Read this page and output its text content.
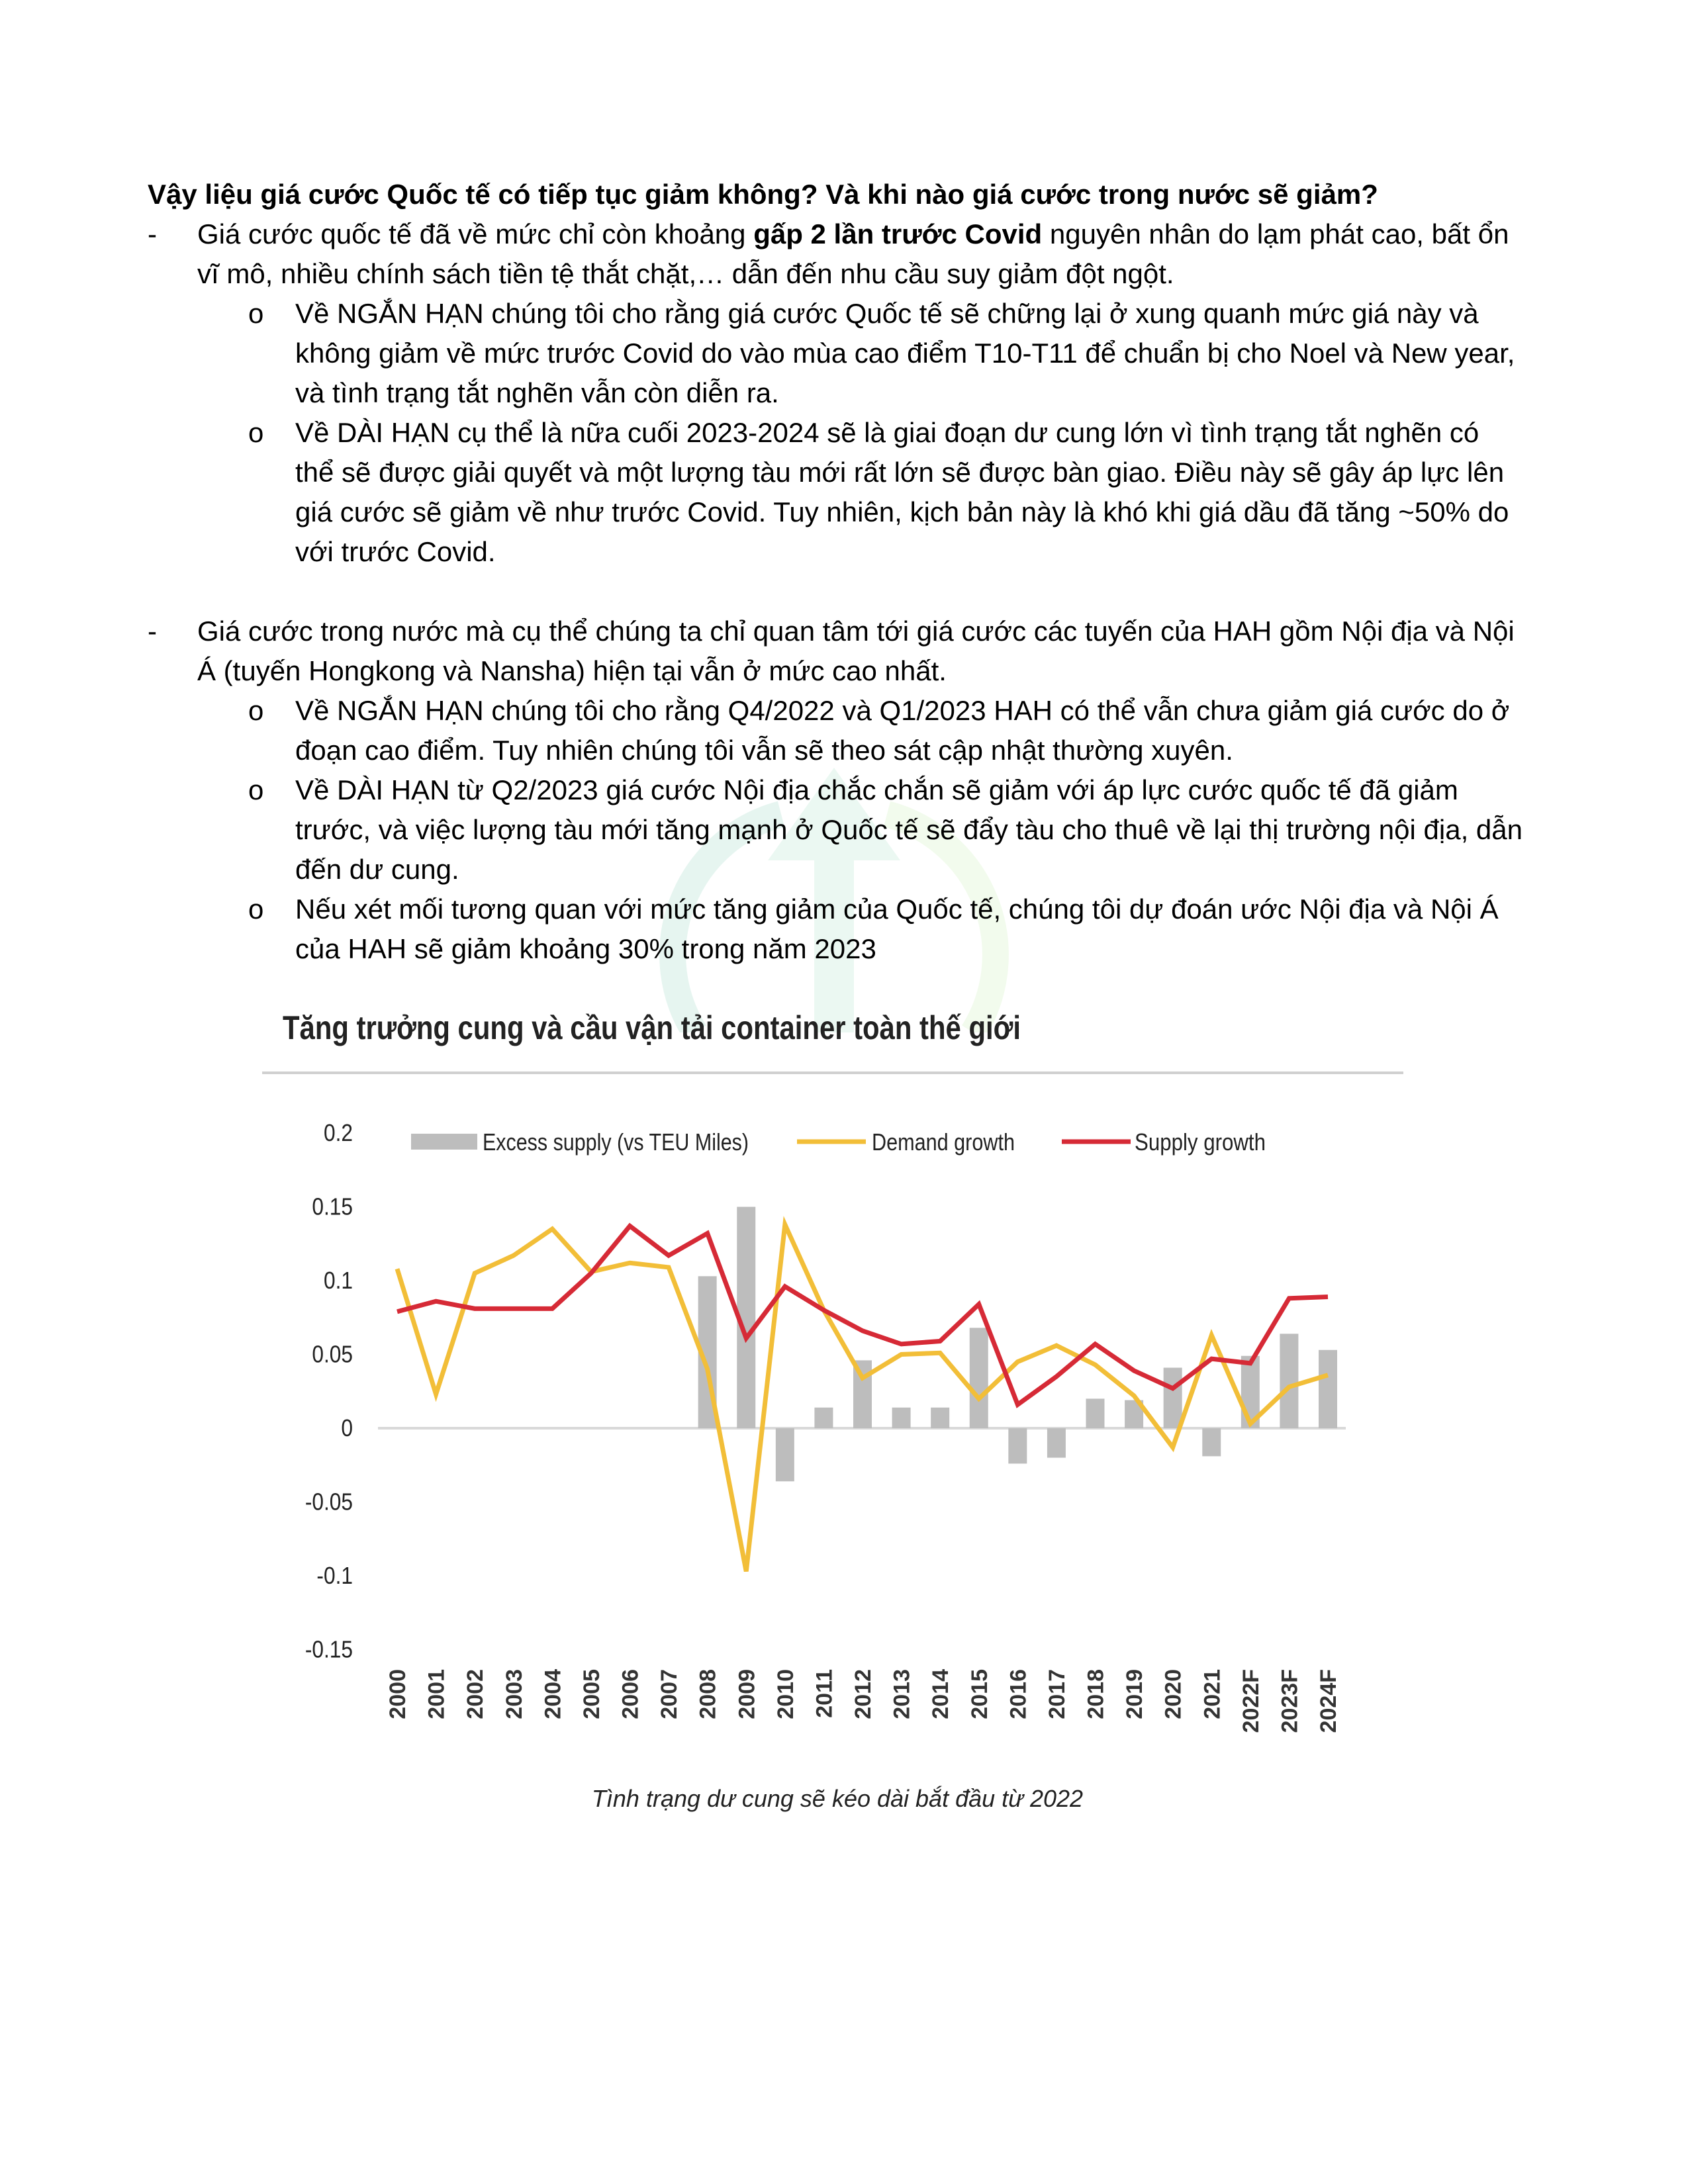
Vậy liệu giá cước Quốc tế có tiếp tục giảm không? Và khi nào giá cước trong nước sẽ giảm?
- Giá cước quốc tế đã về mức chỉ còn khoảng gấp 2 lần trước Covid nguyên nhân do lạm phát cao, bất ổn
vĩ mô, nhiều chính sách tiền tệ thắt chặt,… dẫn đến nhu cầu suy giảm đột ngột.
o Về NGẮN HẠN chúng tôi cho rằng giá cước Quốc tế sẽ chững lại ở xung quanh mức giá này và
không giảm về mức trước Covid do vào mùa cao điểm T10-T11 để chuẩn bị cho Noel và New year,
và tình trạng tắt nghẽn vẫn còn diễn ra.
o Về DÀI HẠN cụ thể là nữa cuối 2023-2024 sẽ là giai đoạn dư cung lớn vì tình trạng tắt nghẽn có
thể sẽ được giải quyết và một lượng tàu mới rất lớn sẽ được bàn giao. Điều này sẽ gây áp lực lên
giá cước sẽ giảm về như trước Covid. Tuy nhiên, kịch bản này là khó khi giá dầu đã tăng ~50% do
với trước Covid.
- Giá cước trong nước mà cụ thể chúng ta chỉ quan tâm tới giá cước các tuyến của HAH gồm Nội địa và Nội
Á (tuyến Hongkong và Nansha) hiện tại vẫn ở mức cao nhất.
o Về NGẮN HẠN chúng tôi cho rằng Q4/2022 và Q1/2023 HAH có thể vẫn chưa giảm giá cước do ở
đoạn cao điểm. Tuy nhiên chúng tôi vẫn sẽ theo sát cập nhật thường xuyên.
o Về DÀI HẠN từ Q2/2023 giá cước Nội địa chắc chắn sẽ giảm với áp lực cước quốc tế đã giảm
trước, và việc lượng tàu mới tăng mạnh ở Quốc tế sẽ đẩy tàu cho thuê về lại thị trường nội địa, dẫn
đến dư cung.
o Nếu xét mối tương quan với mức tăng giảm của Quốc tế, chúng tôi dự đoán ước Nội địa và Nội Á
của HAH sẽ giảm khoảng 30% trong năm 2023
Tăng trưởng cung và cầu vận tải container toàn thế giới
0.2
0.15
0.1
0.05
0
-0.05
-0.1
-0.15
2000 2001 2002 2003 2004 2005 2006 2007 2008 2009 2010 2011 2012 2013 2014 2015 2016 2017 2018 2019 2020 2021 2022F 2023F 2024F
Excess supply (vs TEU Miles)	Demand growth	Supply growth
Tình trạng dư cung sẽ kéo dài bắt đầu từ 2022
